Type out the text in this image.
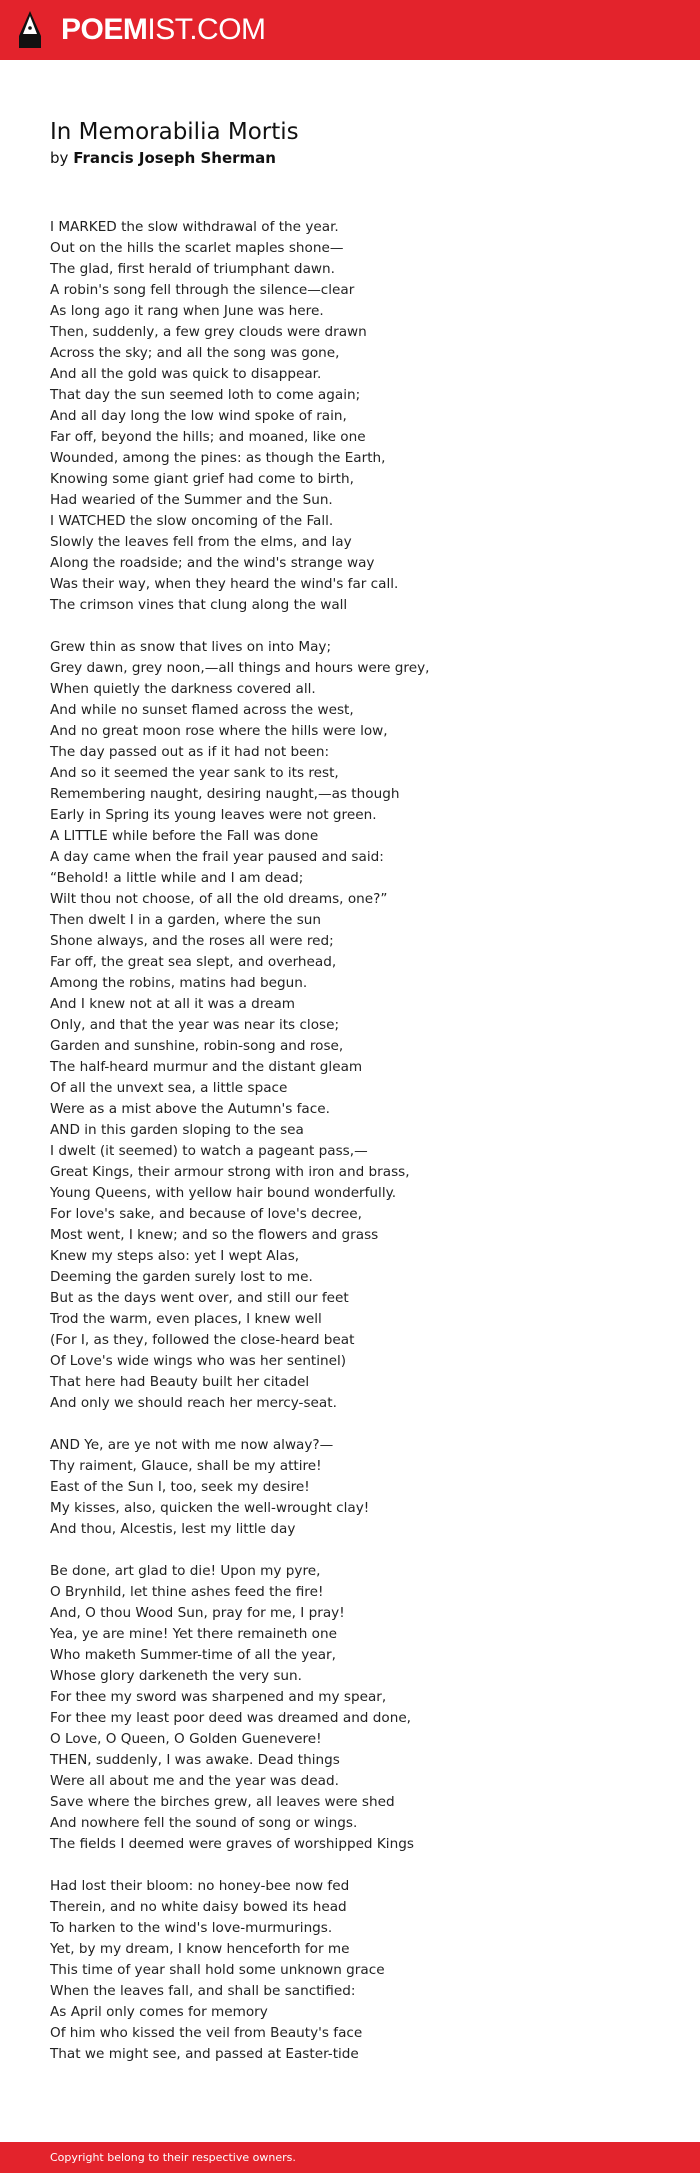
POEMIST.COM
In Memorabilia Mortis
by Francis Joseph Sherman
I MARKED the slow withdrawal of the year.
Out on the hills the scarlet maples shone—
The glad, first herald of triumphant dawn.
A robin's song fell through the silence—clear
As long ago it rang when June was here.
Then, suddenly, a few grey clouds were drawn
Across the sky; and all the song was gone,
And all the gold was quick to disappear.
That day the sun seemed loth to come again;
And all day long the low wind spoke of rain,
Far off, beyond the hills; and moaned, like one
Wounded, among the pines: as though the Earth,
Knowing some giant grief had come to birth,
Had wearied of the Summer and the Sun.
I WATCHED the slow oncoming of the Fall.
Slowly the leaves fell from the elms, and lay
Along the roadside; and the wind's strange way
Was their way, when they heard the wind's far call.
The crimson vines that clung along the wall
Grew thin as snow that lives on into May;
Grey dawn, grey noon,—all things and hours were grey,
When quietly the darkness covered all.
And while no sunset flamed across the west,
And no great moon rose where the hills were low,
The day passed out as if it had not been:
And so it seemed the year sank to its rest,
Remembering naught, desiring naught,—as though
Early in Spring its young leaves were not green.
A LITTLE while before the Fall was done
A day came when the frail year paused and said:
“Behold! a little while and I am dead;
Wilt thou not choose, of all the old dreams, one?”
Then dwelt I in a garden, where the sun
Shone always, and the roses all were red;
Far off, the great sea slept, and overhead,
Among the robins, matins had begun.
And I knew not at all it was a dream
Only, and that the year was near its close;
Garden and sunshine, robin-song and rose,
The half-heard murmur and the distant gleam
Of all the unvext sea, a little space
Were as a mist above the Autumn's face.
AND in this garden sloping to the sea
I dwelt (it seemed) to watch a pageant pass,—
Great Kings, their armour strong with iron and brass,
Young Queens, with yellow hair bound wonderfully.
For love's sake, and because of love's decree,
Most went, I knew; and so the flowers and grass
Knew my steps also: yet I wept Alas,
Deeming the garden surely lost to me.
But as the days went over, and still our feet
Trod the warm, even places, I knew well
(For I, as they, followed the close-heard beat
Of Love's wide wings who was her sentinel)
That here had Beauty built her citadel
And only we should reach her mercy-seat.
AND Ye, are ye not with me now alway?—
Thy raiment, Glauce, shall be my attire!
East of the Sun I, too, seek my desire!
My kisses, also, quicken the well-wrought clay!
And thou, Alcestis, lest my little day
Be done, art glad to die! Upon my pyre,
O Brynhild, let thine ashes feed the fire!
And, O thou Wood Sun, pray for me, I pray!
Yea, ye are mine! Yet there remaineth one
Who maketh Summer-time of all the year,
Whose glory darkeneth the very sun.
For thee my sword was sharpened and my spear,
For thee my least poor deed was dreamed and done,
O Love, O Queen, O Golden Guenevere!
THEN, suddenly, I was awake. Dead things
Were all about me and the year was dead.
Save where the birches grew, all leaves were shed
And nowhere fell the sound of song or wings.
The fields I deemed were graves of worshipped Kings
Had lost their bloom: no honey-bee now fed
Therein, and no white daisy bowed its head
To harken to the wind's love-murmurings.
Yet, by my dream, I know henceforth for me
This time of year shall hold some unknown grace
When the leaves fall, and shall be sanctified:
As April only comes for memory
Of him who kissed the veil from Beauty's face
That we might see, and passed at Easter-tide
Copyright belong to their respective owners.
